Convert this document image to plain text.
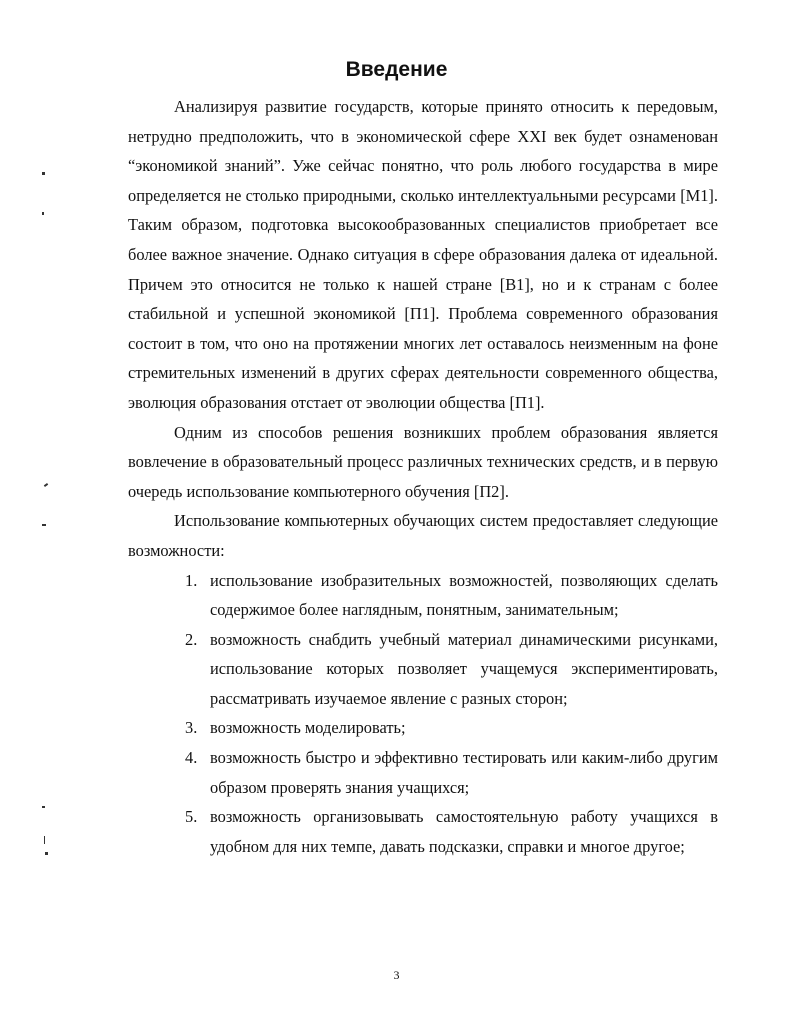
Введение

Анализируя развитие государств, которые принято относить к передовым, нетрудно предположить, что в экономической сфере XXI век будет ознаменован “экономикой знаний”. Уже сейчас понятно, что роль любого государства в мире определяется не столько природными, сколько интеллектуальными ресурсами [M1]. Таким образом, подготовка высокообразованных специалистов приобретает все более важное значение. Однако ситуация в сфере образования далека от идеальной. Причем это относится не только к нашей стране [B1], но и к странам с более стабильной и успешной экономикой [П1]. Проблема современного образования состоит в том, что оно на протяжении многих лет оставалось неизменным на фоне стремительных изменений в других сферах деятельности современного общества, эволюция образования отстает от эволюции общества [П1].

Одним из способов решения возникших проблем образования является вовлечение в образовательный процесс различных технических средств, и в первую очередь использование компьютерного обучения [П2].

Использование компьютерных обучающих систем предоставляет следующие возможности:

1. использование изобразительных возможностей, позволяющих сделать содержимое более наглядным, понятным, занимательным;
2. возможность снабдить учебный материал динамическими рисунками, использование которых позволяет учащемуся экспериментировать, рассматривать изучаемое явление с разных сторон;
3. возможность моделировать;
4. возможность быстро и эффективно тестировать или каким-либо другим образом проверять знания учащихся;
5. возможность организовывать самостоятельную работу учащихся в удобном для них темпе, давать подсказки, справки и многое другое;
3
